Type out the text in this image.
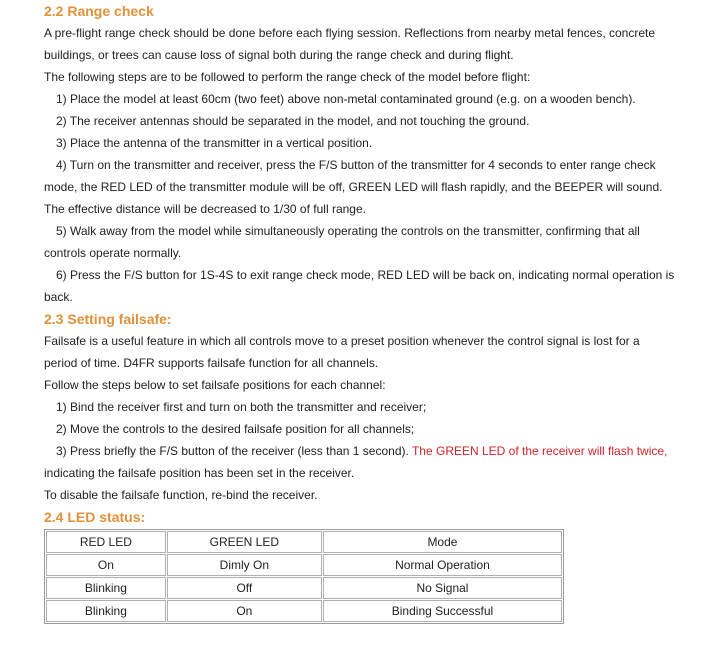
2.2 Range check

A pre-flight range check should be done before each flying session. Reflections from nearby metal fences, concrete

buildings, or trees can cause loss of signal both during the range check and during flight.

The following steps are to be followed to perform the range check of the model before flight:

1) Place the model at least 60cm (two feet) above non-metal contaminated ground (e.g. on a wooden bench).

2) The receiver antennas should be separated in the model, and not touching the ground.

3) Place the antenna of the transmitter in a vertical position.

4) Turn on the transmitter and receiver, press the F/S button of the transmitter for 4 seconds to enter range check

mode, the RED LED of the transmitter module will be off, GREEN LED will flash rapidly, and the BEEPER will sound.

The effective distance will be decreased to 1/30 of full range.

5) Walk away from the model while simultaneously operating the controls on the transmitter, confirming that all

controls operate normally.

6) Press the F/S button for 1S-4S to exit range check mode, RED LED will be back on, indicating normal operation is

back.

2.3 Setting failsafe:

Failsafe is a useful feature in which all controls move to a preset position whenever the control signal is lost for a

period of time. D4FR supports failsafe function for all channels.

Follow the steps below to set failsafe positions for each channel:

1) Bind the receiver first and turn on both the transmitter and receiver;

2) Move the controls to the desired failsafe position for all channels;

3) Press briefly the F/S button of the receiver (less than 1 second). The GREEN LED of the receiver will flash twice,

indicating the failsafe position has been set in the receiver.

To disable the failsafe function, re-bind the receiver.

2.4 LED status:

RED LED	GREEN LED	Mode
On	Dimly On	Normal Operation
Blinking	Off	No Signal
Blinking	On	Binding Successful
